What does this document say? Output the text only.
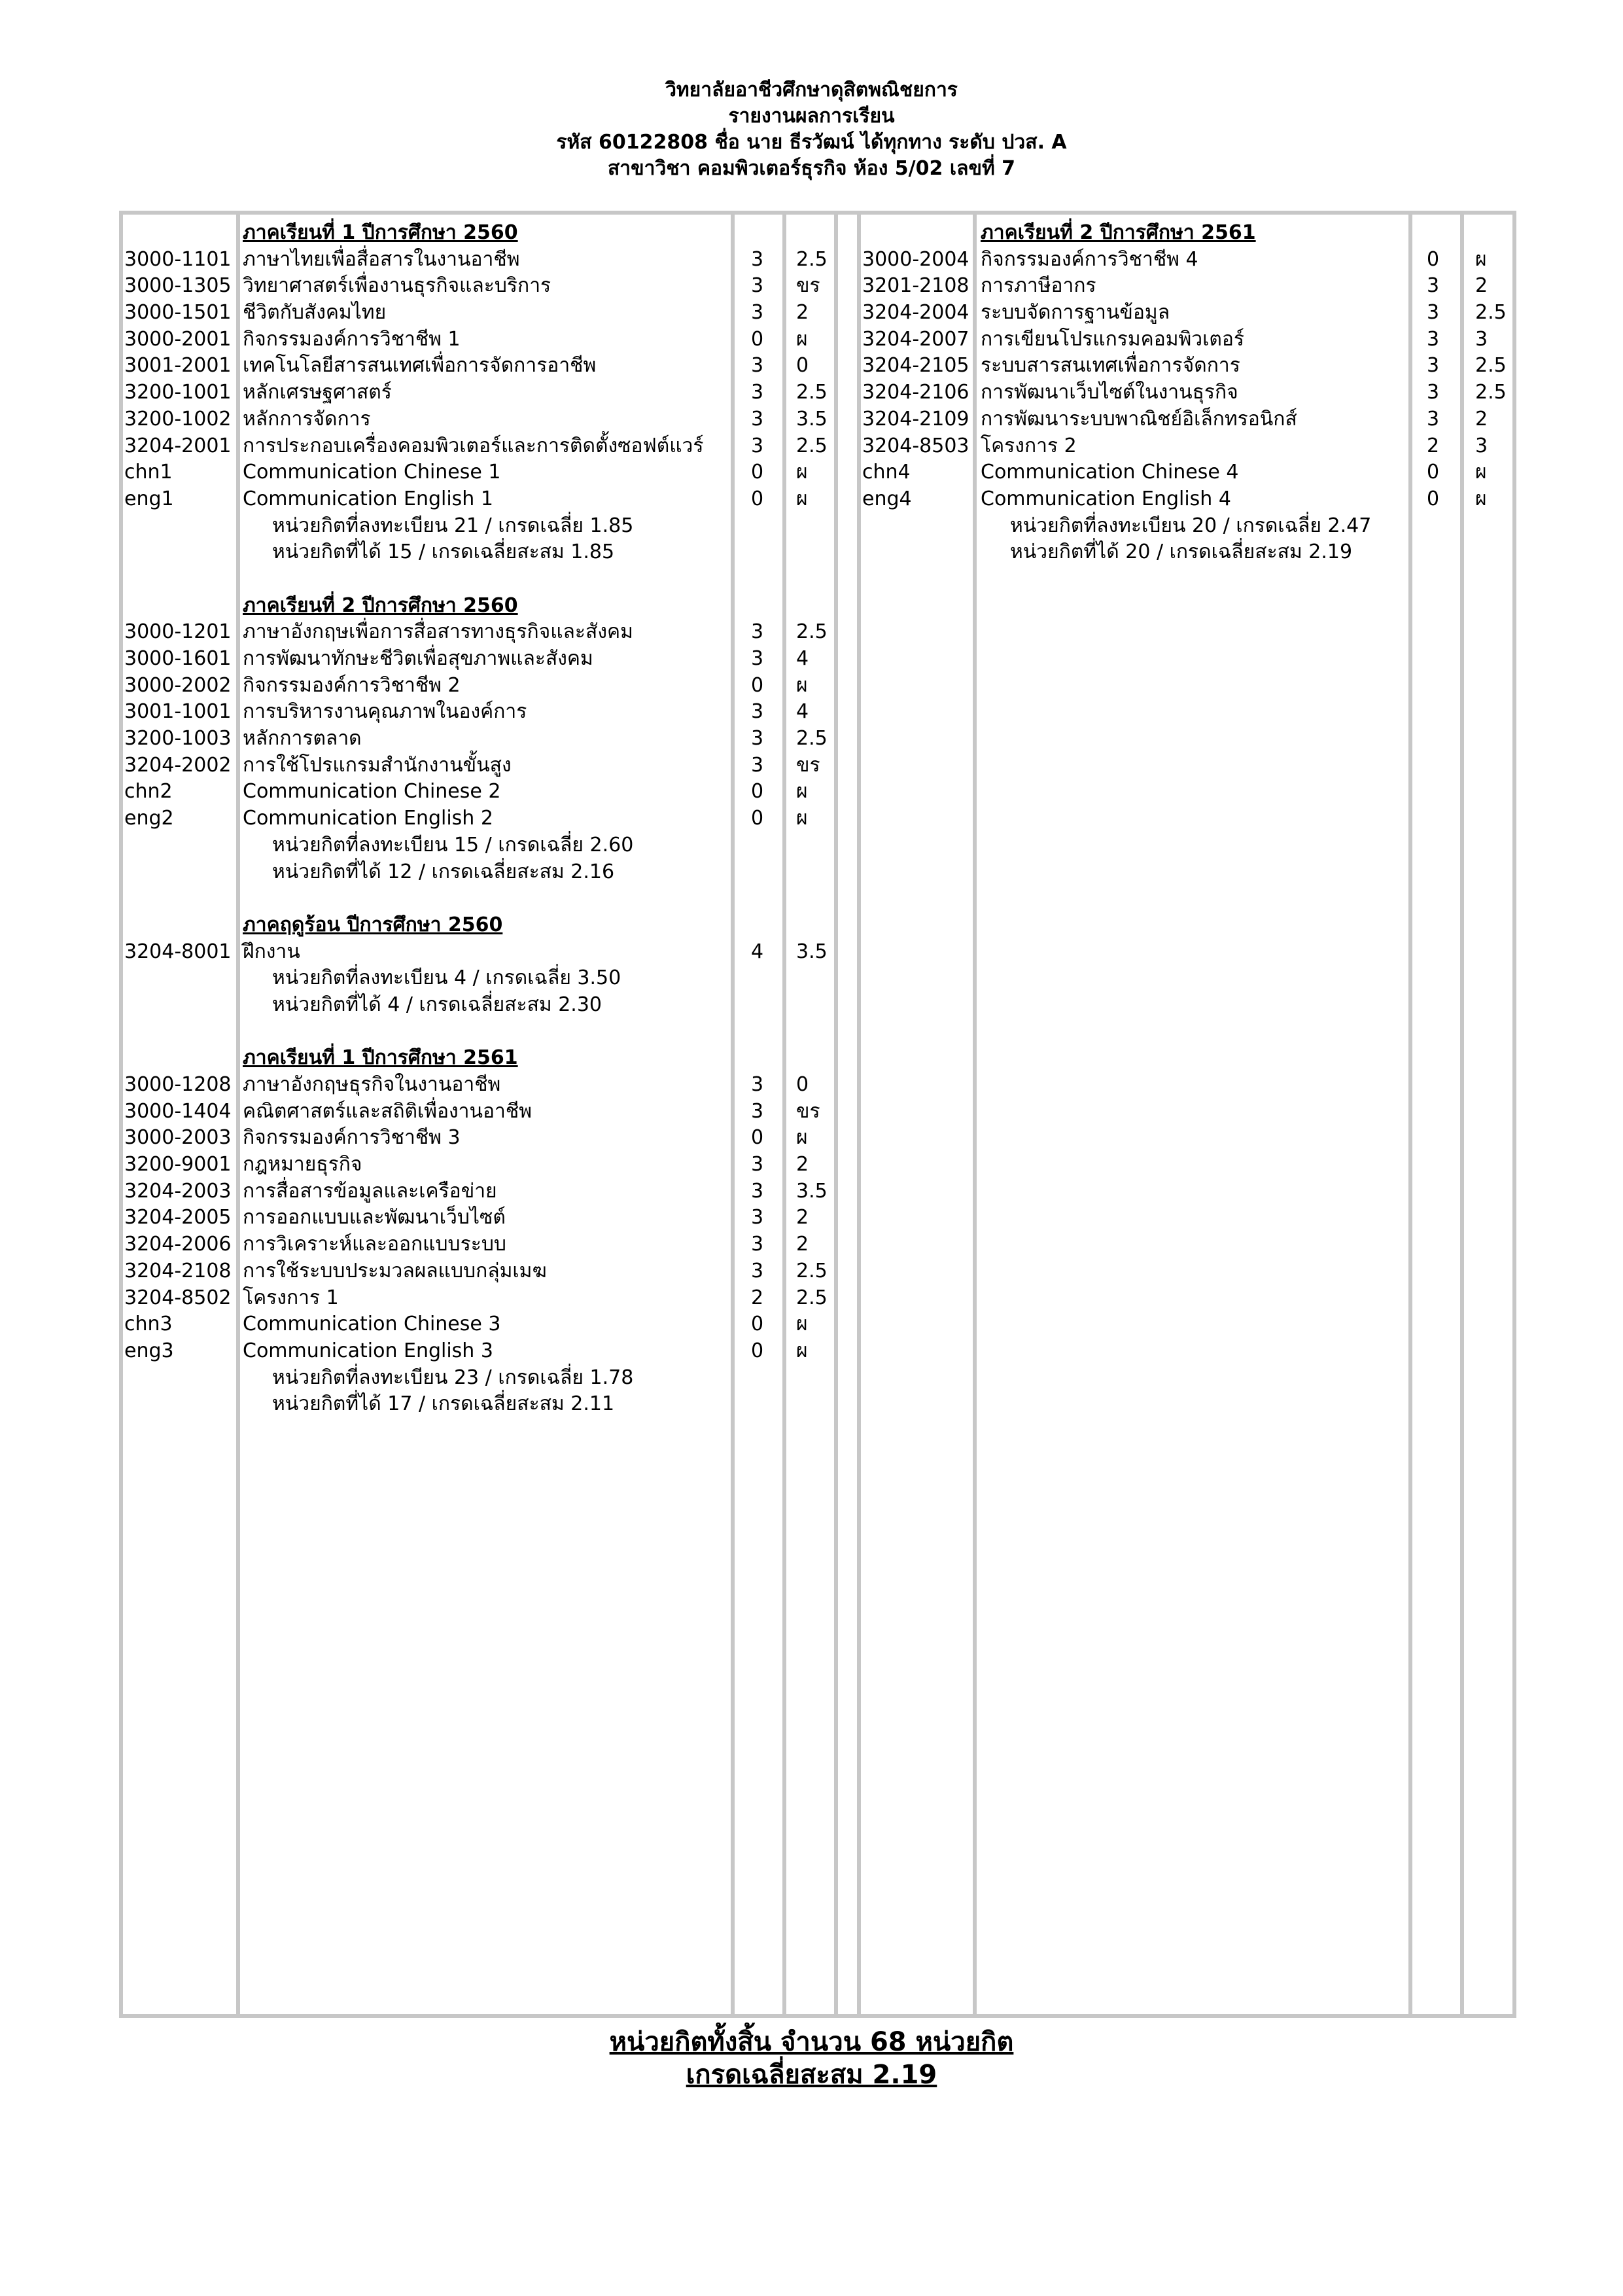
วิทยาลัยอาชีวศึกษาดุสิตพณิชยการ
รายงานผลการเรียน
รหัส 60122808 ชื่อ นาย ธีรวัฒน์ ได้ทุกทาง ระดับ ปวส. A
สาขาวิชา คอมพิวเตอร์ธุรกิจ ห้อง 5/02 เลขที่ 7
ภาคเรียนที่ 1 ปีการศึกษา 2560
3000-1101 ภาษาไทยเพื่อสื่อสารในงานอาชีพ	3 2.5
3000-1305 วิทยาศาสตร์เพื่องานธุรกิจและบริการ	3 ขร
3000-1501 ชีวิตกับสังคมไทย	3 2
3000-2001 กิจกรรมองค์การวิชาชีพ 1	0 ผ
3001-2001 เทคโนโลยีสารสนเทศเพื่อการจัดการอาชีพ	3 0
3200-1001 หลักเศรษฐศาสตร์	3 2.5
3200-1002 หลักการจัดการ	3 3.5
3204-2001 การประกอบเครื่องคอมพิวเตอร์และการติดตั้งซอฟต์แวร์ 3 2.5
chn1	Communication Chinese 1	0 ผ
eng1	Communication English 1	0 ผ
หน่วยกิตที่ลงทะเบียน 21 / เกรดเฉลี่ย 1.85
หน่วยกิตที่ได้ 15 / เกรดเฉลี่ยสะสม 1.85
ภาคเรียนที่ 2 ปีการศึกษา 2560
3000-1201 ภาษาอังกฤษเพื่อการสื่อสารทางธุรกิจและสังคม	3 2.5
3000-1601 การพัฒนาทักษะชีวิตเพื่อสุขภาพและสังคม	3 4
3000-2002 กิจกรรมองค์การวิชาชีพ 2	0 ผ
3001-1001 การบริหารงานคุณภาพในองค์การ	3 4
3200-1003 หลักการตลาด	3 2.5
3204-2002 การใช้โปรแกรมสำนักงานขั้นสูง	3 ขร
chn2	Communication Chinese 2	0 ผ
eng2	Communication English 2	0 ผ
หน่วยกิตที่ลงทะเบียน 15 / เกรดเฉลี่ย 2.60
หน่วยกิตที่ได้ 12 / เกรดเฉลี่ยสะสม 2.16
ภาคฤดูร้อน ปีการศึกษา 2560
3204-8001 ฝึกงาน	4 3.5
หน่วยกิตที่ลงทะเบียน 4 / เกรดเฉลี่ย 3.50
หน่วยกิตที่ได้ 4 / เกรดเฉลี่ยสะสม 2.30
ภาคเรียนที่ 1 ปีการศึกษา 2561
3000-1208 ภาษาอังกฤษธุรกิจในงานอาชีพ	3 0
3000-1404 คณิตศาสตร์และสถิติเพื่องานอาชีพ	3 ขร
3000-2003 กิจกรรมองค์การวิชาชีพ 3	0 ผ
3200-9001 กฎหมายธุรกิจ	3 2
3204-2003 การสื่อสารข้อมูลและเครือข่าย	3 3.5
3204-2005 การออกแบบและพัฒนาเว็บไซต์	3 2
3204-2006 การวิเคราะห์และออกแบบระบบ	3 2
3204-2108 การใช้ระบบประมวลผลแบบกลุ่มเมฆ	3 2.5
3204-8502 โครงการ 1	2 2.5
chn3	Communication Chinese 3	0 ผ
eng3	Communication English 3	0 ผ
หน่วยกิตที่ลงทะเบียน 23 / เกรดเฉลี่ย 1.78
หน่วยกิตที่ได้ 17 / เกรดเฉลี่ยสะสม 2.11
ภาคเรียนที่ 2 ปีการศึกษา 2561
3000-2004 กิจกรรมองค์การวิชาชีพ 4	0 ผ
3201-2108 การภาษีอากร	3 2
3204-2004 ระบบจัดการฐานข้อมูล	3 2.5
3204-2007 การเขียนโปรแกรมคอมพิวเตอร์	3 3
3204-2105 ระบบสารสนเทศเพื่อการจัดการ	3 2.5
3204-2106 การพัฒนาเว็บไซต์ในงานธุรกิจ	3 2.5
3204-2109 การพัฒนาระบบพาณิชย์อิเล็กทรอนิกส์	3 2
3204-8503 โครงการ 2	2 3
chn4	Communication Chinese 4	0 ผ
eng4	Communication English 4	0 ผ
หน่วยกิตที่ลงทะเบียน 20 / เกรดเฉลี่ย 2.47
หน่วยกิตที่ได้ 20 / เกรดเฉลี่ยสะสม 2.19
หน่วยกิตทั้งสิ้น จำนวน 68 หน่วยกิต
เกรดเฉลี่ยสะสม 2.19
